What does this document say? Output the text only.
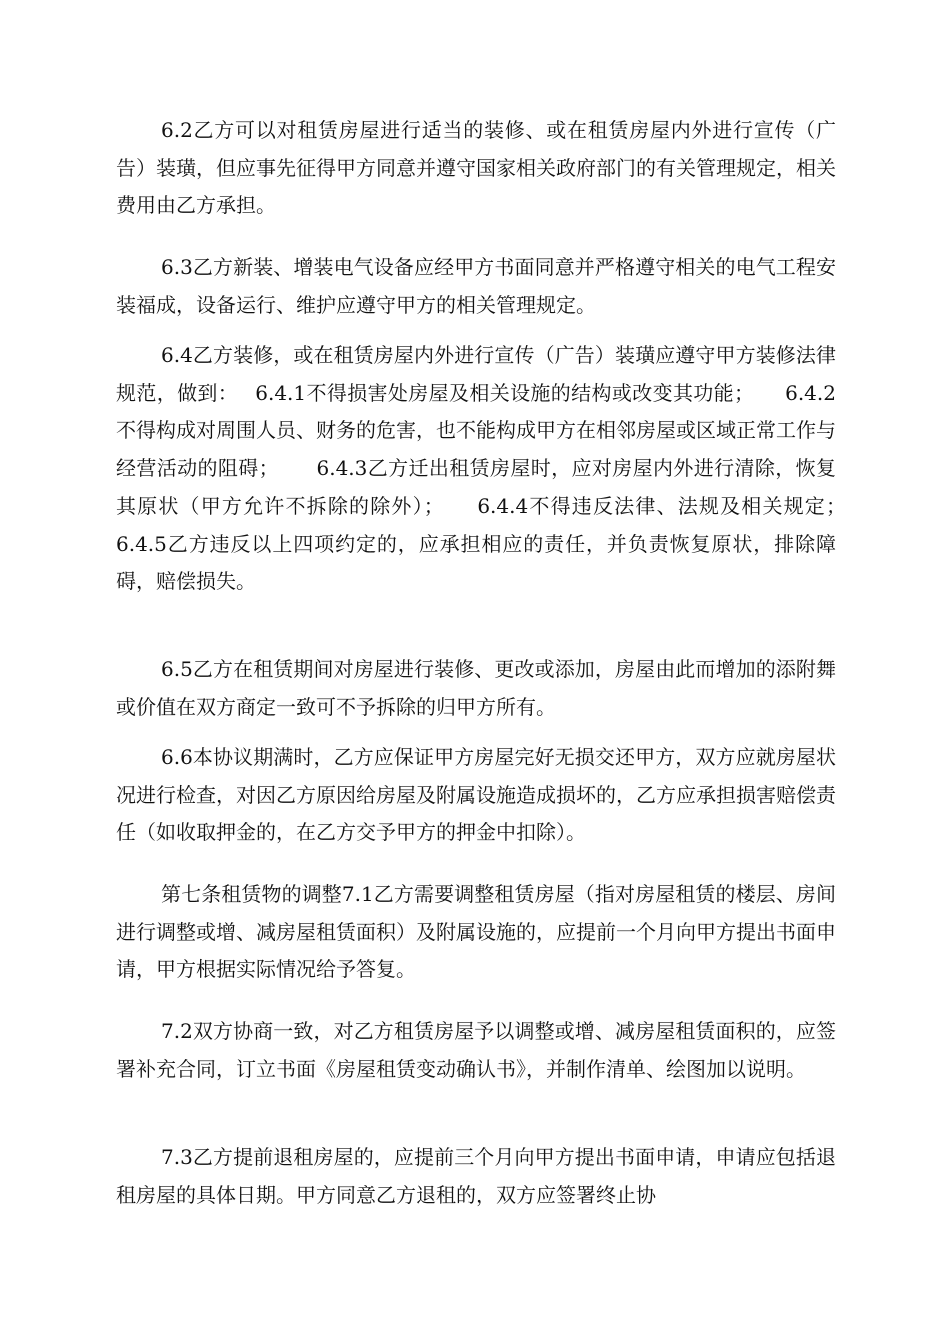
6.2乙方可以对租赁房屋进行适当的装修、或在租赁房屋内外进行宣传（广告）装璜，但应事先征得甲方同意并遵守国家相关政府部门的有关管理规定，相关费用由乙方承担。

6.3乙方新装、增装电气设备应经甲方书面同意并严格遵守相关的电气工程安装福成，设备运行、维护应遵守甲方的相关管理规定。

6.4乙方装修，或在租赁房屋内外进行宣传（广告）装璜应遵守甲方装修法律规范，做到：　 6.4.1不得损害处房屋及相关设施的结构或改变其功能；　　6.4.2不得构成对周围人员、财务的危害，也不能构成甲方在相邻房屋或区域正常工作与经营活动的阻碍；　　 6.4.3乙方迁出租赁房屋时，应对房屋内外进行清除，恢复其原状（甲方允许不拆除的除外）；　　6.4.4不得违反法律、法规及相关规定；　　 6.4.5乙方违反以上四项约定的，应承担相应的责任，并负责恢复原状，排除障碍，赔偿损失。

6.5乙方在租赁期间对房屋进行装修、更改或添加，房屋由此而增加的添附舞或价值在双方商定一致可不予拆除的归甲方所有。

6.6本协议期满时，乙方应保证甲方房屋完好无损交还甲方，双方应就房屋状况进行检查，对因乙方原因给房屋及附属设施造成损坏的，乙方应承担损害赔偿责任（如收取押金的，在乙方交予甲方的押金中扣除）。

第七条租赁物的调整7.1乙方需要调整租赁房屋（指对房屋租赁的楼层、房间进行调整或增、减房屋租赁面积）及附属设施的，应提前一个月向甲方提出书面申请，甲方根据实际情况给予答复。

7.2双方协商一致，对乙方租赁房屋予以调整或增、减房屋租赁面积的，应签署补充合同，订立书面《房屋租赁变动确认书》，并制作清单、绘图加以说明。

7.3乙方提前退租房屋的，应提前三个月向甲方提出书面申请，申请应包括退租房屋的具体日期。甲方同意乙方退租的，双方应签署终止协
